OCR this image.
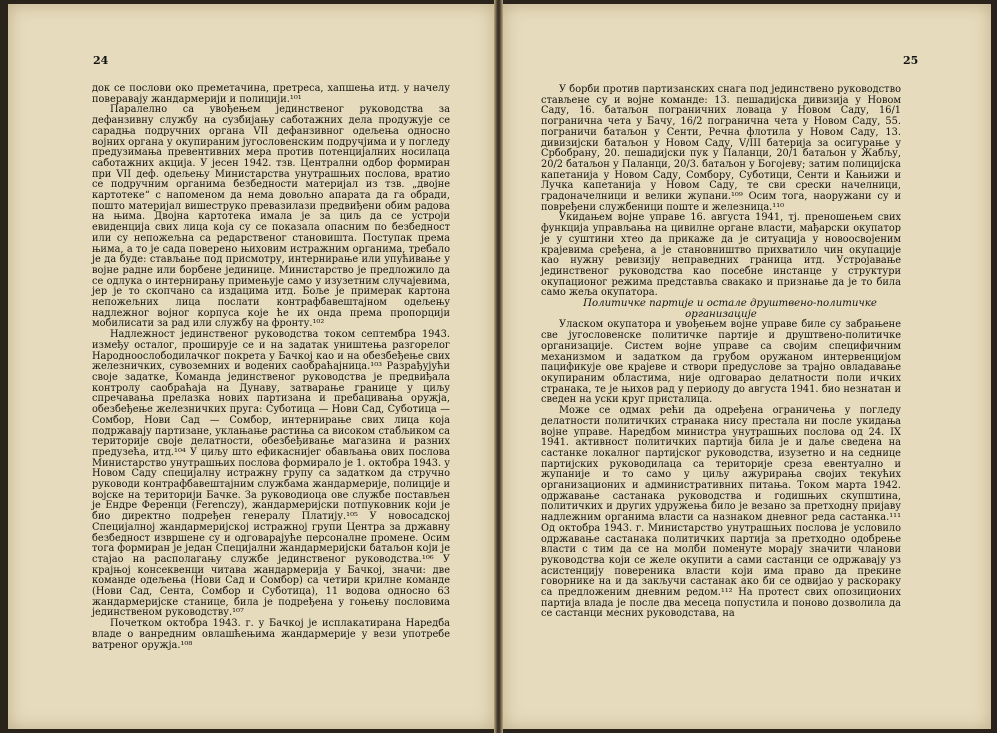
24

док се послови око преметачина, претреса, хапшења итд. у начелу поверавају жандармерији и полицији.¹⁰¹

Паралелно са увођењем јединственог руководства за дефанзивну службу на сузбијању саботажних дела продужује се сарадња подручних органа VII дефанзивног одељења односно војних органа у окупираним југословенским подручјима и у погледу предузимања превентивних мера против потенцијалних носилаца саботажних акција. У јесен 1942. тзв. Централни одбор формиран при VII деф. одељењу Министарства унутрашњих послова, вратио се подручним органима безбедности материјал из тзв. „двојне картотеке“ с напоменом да нема довољно апарата да га обради, пошто материјал вишеструко превазилази предвиђени обим радова на њима. Двојна картотека имала је за циљ да се устроји евиденција свих лица која су се показала опасним по безбедност или су непожељна са редарственог становишта. Поступак према њима, а то је сада поверено њиховим истражним органима, требало је да буде: стављање под присмотру, интернирање или упућивање у војне радне или борбене јединице. Министарство је предложило да се одлука о интернирању примењује само у изузетним случајевима, јер је то скопчано са издацима итд. Боље је примерак картона непожељних лица послати контрафбавештајном одељењу надлежног војног корпуса које ће их онда према пропорцији мобилисати за рад или службу на фронту.¹⁰²

Надлежност јединственог руководства током септембра 1943. између осталог, проширује се и на задатак уништења разгорелог Народноослободилачког покрета у Бачкој као и на обезбеђење свих железничких, сувоземних и водених саобраћајница.¹⁰³ Разрађујући своје задатке, Команда јединственог руководства је предвиђала контролу саобраћаја на Дунаву, затварање границе у циљу спречавања прелазка нових партизана и пребацивања оружја, обезбеђење железничких пруга: Суботица — Нови Сад, Суботица — Сомбор, Нови Сад — Сомбор, интернирање свих лица која подржавају партизане, уклањање растиња са високом стабљиком са територије своје делатности, обезбеђивање магазина и разних предузећа, итд.¹⁰⁴ У циљу што ефикаснијег обављања ових послова Министарство унутрашњих послова формирало је 1. октобра 1943. у Новом Саду специјалну истражну групу са задатком да стручно руководи контрафбавештајним службама жандармерије, полиције и војске на територији Бачке. За руководиоца ове службе постављен је Ендре Ференци (Ferenczy), жандармеријски потпуковник који је био директно подређен генералу Платију.¹⁰⁵ У новосадској Специјалној жандармеријској истражној групи Центра за државну безбедност извршене су и одговарајуће персоналне промене. Осим тога формиран је један Специјални жандармеријски батаљон који је стајао на располагању службе јединственог руководства.¹⁰⁶ У крајњој консеквенци читава жандармерија у Бачкој, значи: две команде одељења (Нови Сад и Сомбор) са четири крилне команде (Нови Сад, Сента, Сомбор и Суботица), 11 водова односно 63 жандармеријске станице, била је подређена у гоњењу пословима јединственом руководству.¹⁰⁷

Почетком октобра 1943. г. у Бачкој је исплакатирана Наредба владе о ванредним овлашћењима жандармерије у вези употребе ватреног оружја.¹⁰⁸

25

У борби против партизанских снага под јединствено руководство стављене су и војне команде: 13. пешадијска дивизија у Новом Саду, 16. батаљон пограничних ловаца у Новом Саду, 16/1 погранична чета у Бачу, 16/2 погранична чета у Новом Саду, 55. пограничи батаљон у Сенти, Речна флотила у Новом Саду, 13. дивизијски батаљон у Новом Саду, V/III батерија за осигурање у Србобрану, 20. пешадијски пук у Паланци, 20/1 батаљон у Жабљу, 20/2 батаљон у Паланци, 20/3. батаљон у Богојеву; затим полицијска капетанија у Новом Саду, Сомбору, Суботици, Сенти и Кањижи и Лучка капетанија у Новом Саду, те сви срески начелници, градоначелници и велики жупани.¹⁰⁹ Осим тога, наоружани су и повређени службеници поште и железница.¹¹⁰

Укидањем војне управе 16. августа 1941, тј. преношењем свих функција управљања на цивилне органе власти, мађарски окупатор је у суштини хтео да прикаже да је ситуација у новоосвојеним крајевима сређена, а је становништво прихватило чин окупације као нужну ревизију неправедних граница итд. Устројавање јединственог руководства као посебне инстанце у структури окупационог режима представља свакако и признање да је то била само жеља окупатора.

Политичке партије и остале друштвено-политичке организације

Уласком окупатора и увођењем војне управе биле су забрањене све југословенске политичке партије и друштвено-политичке организације. Систем војне управе са својим специфичним механизмом и задатком да грубом оружаном интервенцијом пацификује ове крајеве и створи предуслове за трајно овладавање окупираним областима, није одговарао делатности поли ичких странака, те је њихов рад у периоду до августа 1941. био незнатан и сведен на уски круг присталица.

Може се одмах рећи да одређена ограничења у погледу делатности политичких странака нису престала ни после укидања војне управе. Наредбом министра унутрашњих послова од 24. IX 1941. активност политичких партија била је и даље сведена на састанке локалног партијског руководства, изузетно и на седнице партијских руководилаца са територије среза евентуално и жупаније и то само у циљу ажурирања својих текућих организационих и административних питања. Током марта 1942. одржавање састанака руководства и годишњих скупштина, политичких и других удружења било је везано за претходну пријаву надлежним органима власти са назнаком дневног реда састанка.¹¹¹ Од октобра 1943. г. Министарство унутрашњих послова је условило одржавање састанака политичких партија за претходно одобрење власти с тим да се на молби поменуте морају значити чланови руководства који се желе окупити а сами састанци се одржавају уз асистенцију повереника власти који има право да прекине говорнике на и да закључи састанак ако би се одвијао у раскораку са предложеним дневним редом.¹¹² На протест свих опозиционих партија влада је после два месеца попустила и поново дозволила да се састанци месних руководстава, на
